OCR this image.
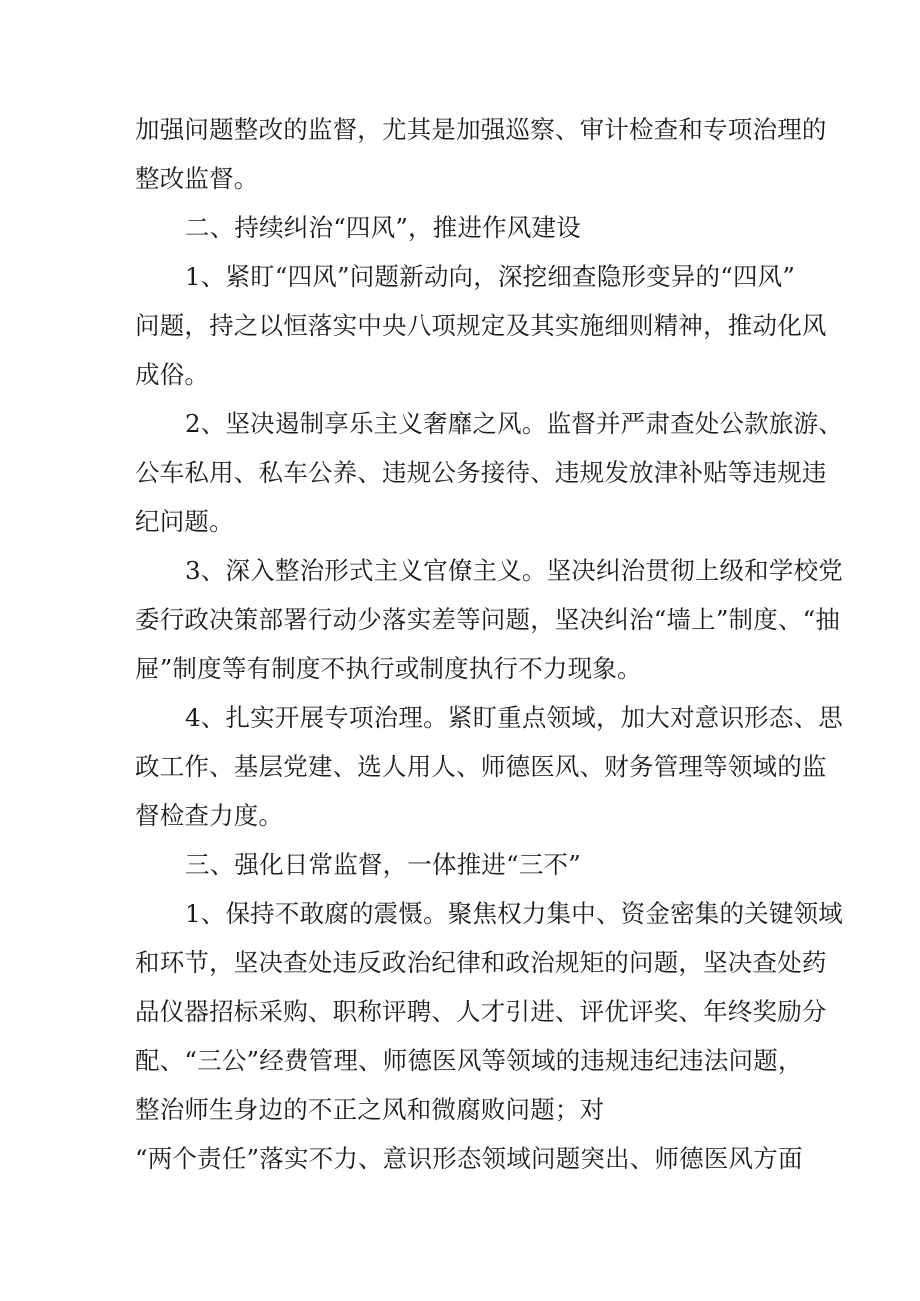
加强问题整改的监督，尤其是加强巡察、审计检查和专项治理的
整改监督。
二、持续纠治“四风”，推进作风建设
1、紧盯“四风”问题新动向，深挖细查隐形变异的“四风”
问题，持之以恒落实中央八项规定及其实施细则精神，推动化风
成俗。
2、坚决遏制享乐主义奢靡之风。监督并严肃查处公款旅游、
公车私用、私车公养、违规公务接待、违规发放津补贴等违规违
纪问题。
3、深入整治形式主义官僚主义。坚决纠治贯彻上级和学校党
委行政决策部署行动少落实差等问题，坚决纠治“墙上”制度、“抽
屉”制度等有制度不执行或制度执行不力现象。
4、扎实开展专项治理。紧盯重点领域，加大对意识形态、思
政工作、基层党建、选人用人、师德医风、财务管理等领域的监
督检查力度。
三、强化日常监督，一体推进“三不”
1、保持不敢腐的震慑。聚焦权力集中、资金密集的关键领域
和环节，坚决查处违反政治纪律和政治规矩的问题，坚决查处药
品仪器招标采购、职称评聘、人才引进、评优评奖、年终奖励分
配、“三公”经费管理、师德医风等领域的违规违纪违法问题，
整治师生身边的不正之风和微腐败问题；对
“两个责任”落实不力、意识形态领域问题突出、师德医风方面
